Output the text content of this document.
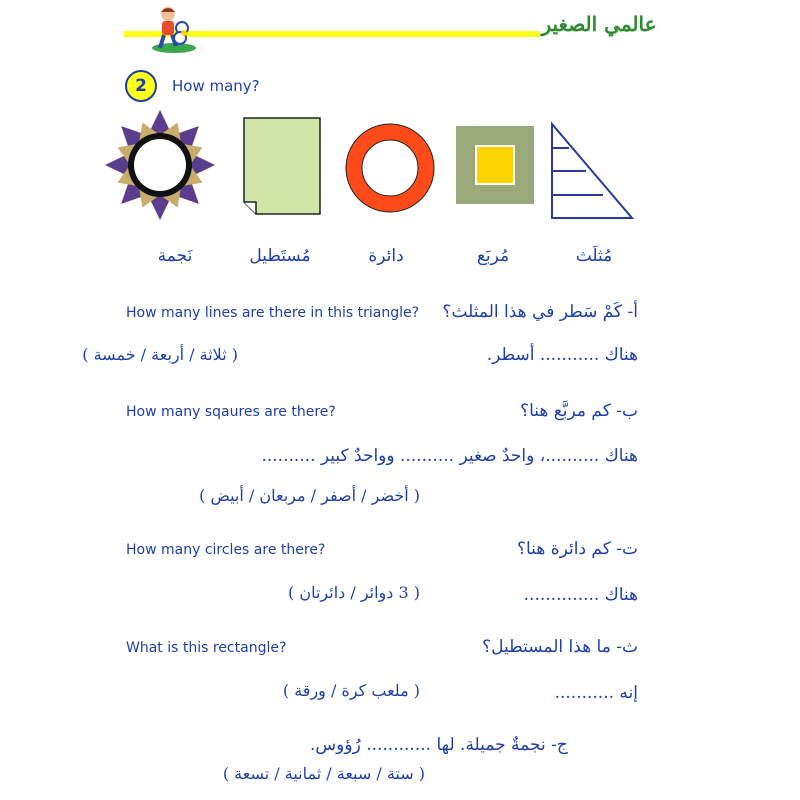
عالمي الصغير
2	How many?
نَجمة	مُستَطيل	دائرة	مُربَع	مُثلَث
How many lines are there in this triangle? أ- كَمْ سَطر في هذا المثلث؟
هناك ........... أسطر.
( ثلاثة / أربعة / خمسة )
How many sqaures are there?	ب- كم مربَّع هنا؟
هناك ..........، واحدٌ صغير .......... وواحدٌ كبير ..........
( أخضر / أصفر / مربعان / أبيض )
How many circles are there?	ت- كم دائرة هنا؟
هناك ..............
( 3 دوائر / دائرتان )
What is this rectangle?	ث- ما هذا المستطيل؟
إنه ...........
( ملعب كرة / ورقة )
ج- نجمةٌ جميلة. لها ............ رُؤوس.
( ستة / سبعة / ثمانية / تسعة )
